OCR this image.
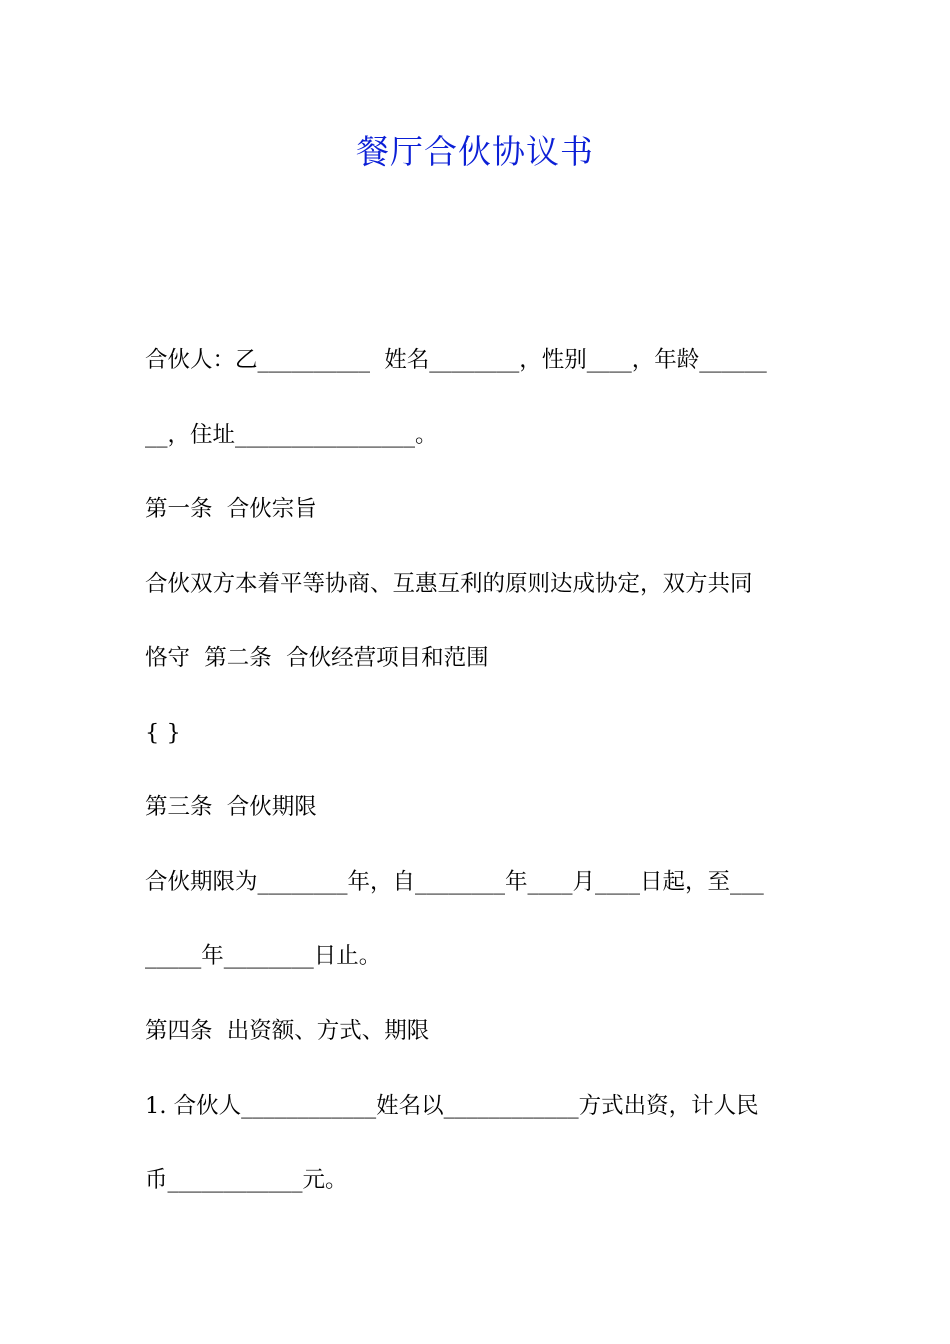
餐厅合伙协议书
合伙人：乙__________  姓名________，性别____，年龄______
__，住址________________。
第一条  合伙宗旨
合伙双方本着平等协商、互惠互利的原则达成协定，双方共同
恪守  第二条  合伙经营项目和范围
{ }
第三条  合伙期限
合伙期限为________年，自________年____月____日起，至___
_____年________日止。
第四条  出资额、方式、期限
1. 合伙人____________姓名以____________方式出资，计人民
币____________元。
